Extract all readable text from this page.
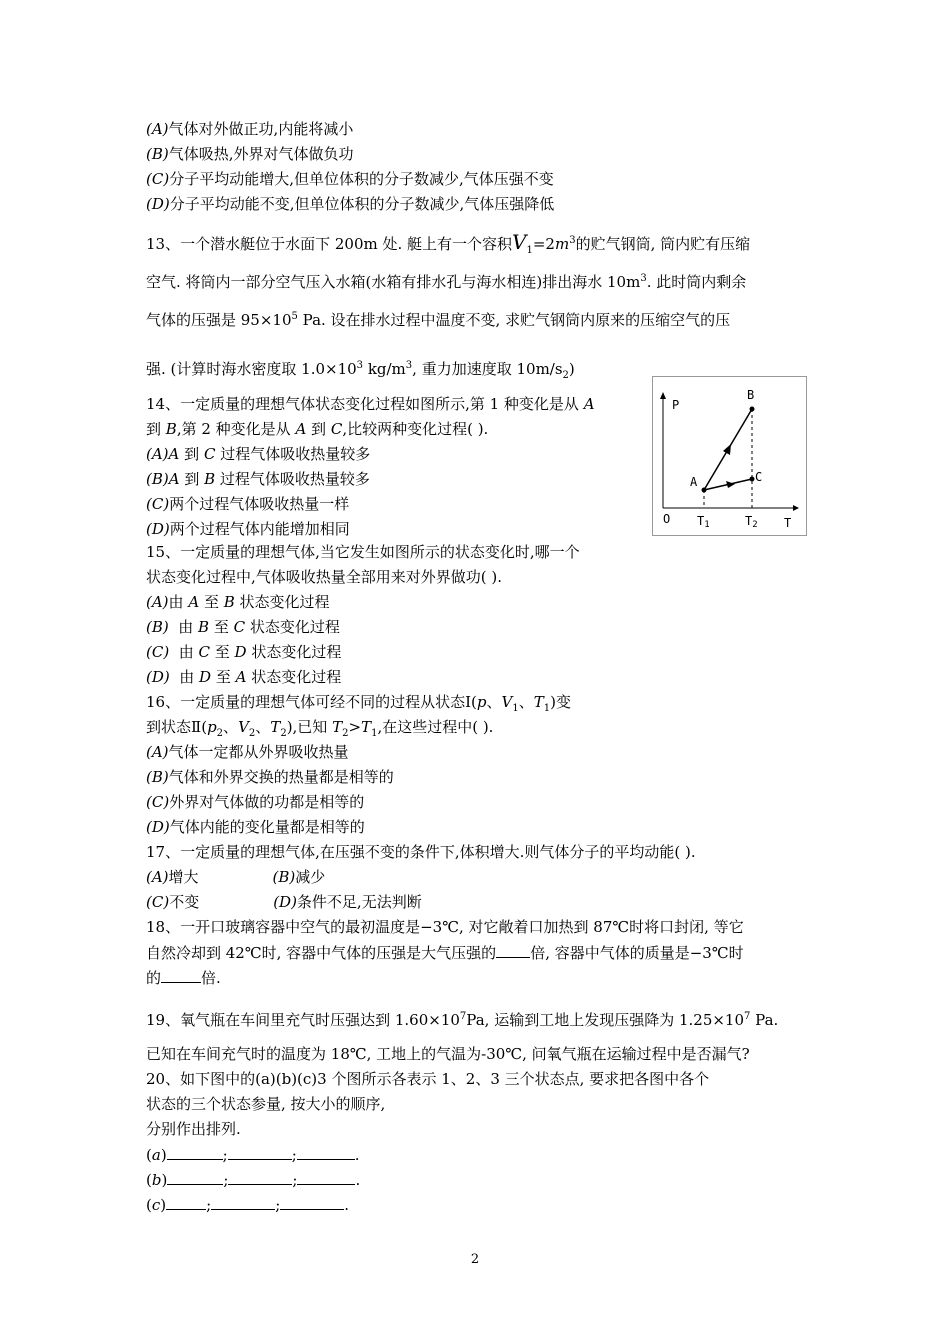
(A)气体对外做正功,内能将减小
(B)气体吸热,外界对气体做负功
(C)分子平均动能增大,但单位体积的分子数减少,气体压强不变
(D)分子平均动能不变,但单位体积的分子数减少,气体压强降低
13、一个潜水艇位于水面下 200m 处. 艇上有一个容积$V_1=2m^3$的贮气钢筒, 筒内贮有压缩
空气. 将筒内一部分空气压入水箱(水箱有排水孔与海水相连)排出海水 $10m^3$. 此时筒内剩余
气体的压强是 $95\times 10^5$ Pa. 设在排水过程中温度不变, 求贮气钢筒内原来的压缩空气的压
强. (计算时海水密度取 $1.0\times 10^3$ $kg/m^3$, 重力加速度取 $10m/s_2$)
14、一定质量的理想气体状态变化过程如图所示,第 1 种变化是从 A
到 B,第 2 种变化是从 A 到 C,比较两种变化过程( ).
(A)A 到 C 过程气体吸收热量较多
(B)A 到 B 过程气体吸收热量较多
(C)两个过程气体吸收热量一样
(D)两个过程气体内能增加相同
P
T
O
A
B
C
T1	T2
15、一定质量的理想气体,当它发生如图所示的状态变化时,哪一个
状态变化过程中,气体吸收热量全部用来对外界做功( ).
(A)由 A 至 B 状态变化过程
(B)  由 B 至 C 状态变化过程
(C)  由 C 至 D 状态变化过程
(D)  由 D 至 A 状态变化过程
16、一定质量的理想气体可经不同的过程从状态Ⅰ(p、$V_1$、$T_1$)变
到状态$Ⅱ(p_2$、$V_2$、$T_2$),已知 $T_2>T_1$,在这些过程中( ).
(A)气体一定都从外界吸收热量
(B)气体和外界交换的热量都是相等的
(C)外界对气体做的功都是相等的
(D)气体内能的变化量都是相等的
17、一定质量的理想气体,在压强不变的条件下,体积增大.则气体分子的平均动能( ).
(A)增大	(B)减少
(C)不变	(D)条件不足,无法判断
18、一开口玻璃容器中空气的最初温度是−3℃, 对它敞着口加热到 87℃时将口封闭, 等它
自然冷却到 42℃时, 容器中气体的压强是大气压强的 倍, 容器中气体的质量是−3℃时
的	倍.
19、氧气瓶在车间里充气时压强达到 $1.60\times 10^7Pa$, 运输到工地上发现压强降为 $1.25\times 10^7$ Pa.
已知在车间充气时的温度为 18℃, 工地上的气温为-30℃, 问氧气瓶在运输过程中是否漏气?
20、如下图中的(a)(b)(c)3 个图所示各表示 1、2、3 三个状态点, 要求把各图中各个
状态的三个状态参量, 按大小的顺序,
分别作出排列.
(a)	;	;	.
(b)	;	;	.
(c)	;	;	.
2
